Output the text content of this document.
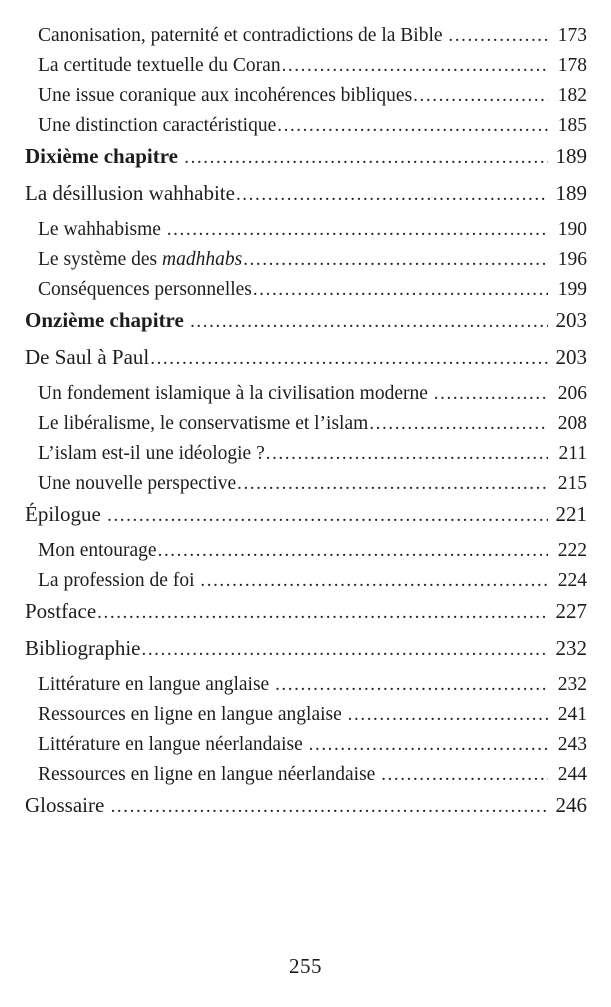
Canonisation, paternité et contradictions de la Bible .....	173
La certitude textuelle du Coran .....	178
Une issue coranique aux incohérences bibliques .....	182
Une distinction caractéristique .....	185
Dixième chapitre .....	189
La désillusion wahhabite .....	189
Le wahhabisme .....	190
Le système des madhhabs .....	196
Conséquences personnelles .....	199
Onzième chapitre .....	203
De Saul à Paul .....	203
Un fondement islamique à la civilisation moderne .....	206
Le libéralisme, le conservatisme et l’islam .....	208
L’islam est-il une idéologie ? .....	211
Une nouvelle perspective .....	215
Épilogue .....	221
Mon entourage .....	222
La profession de foi .....	224
Postface .....	227
Bibliographie .....	232
Littérature en langue anglaise .....	232
Ressources en ligne en langue anglaise .....	241
Littérature en langue néerlandaise .....	243
Ressources en ligne en langue néerlandaise .....	244
Glossaire .....	246
255
